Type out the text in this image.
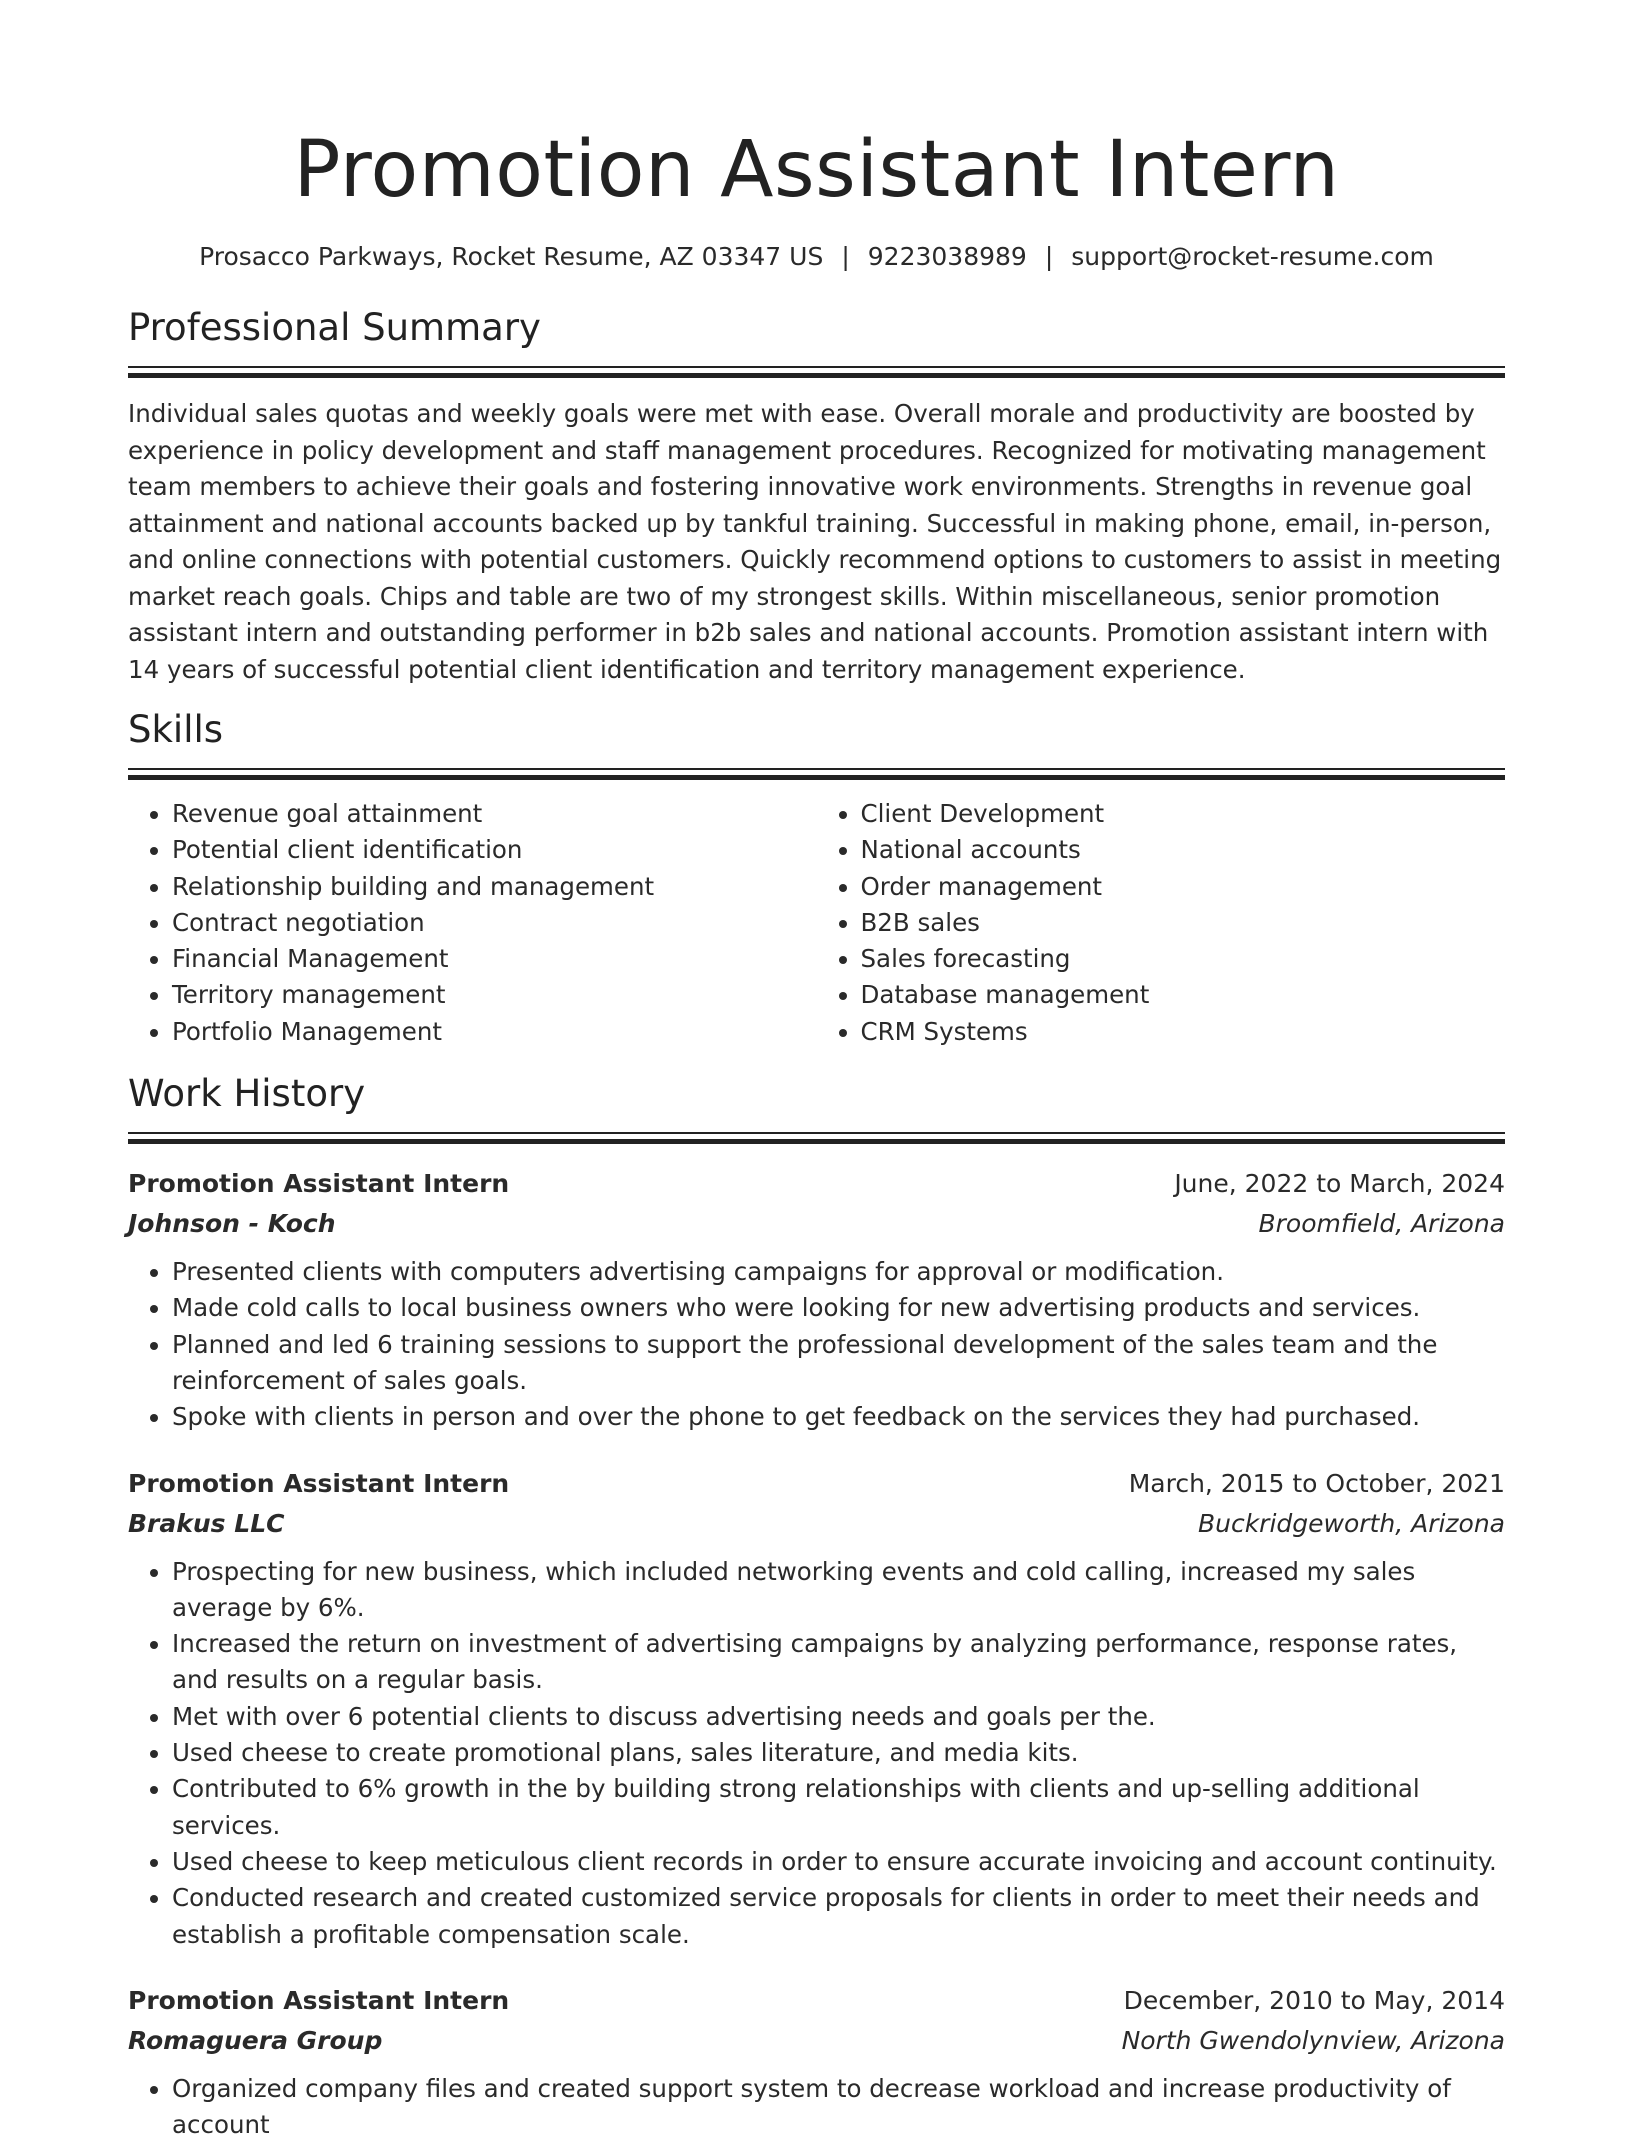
Promotion Assistant Intern
Prosacco Parkways, Rocket Resume, AZ 03347 US | 9223038989 | support@rocket-resume.com
Professional Summary

Individual sales quotas and weekly goals were met with ease. Overall morale and productivity are boosted by experience in policy development and staff management procedures. Recognized for motivating management team members to achieve their goals and fostering innovative work environments. Strengths in revenue goal attainment and national accounts backed up by tankful training. Successful in making phone, email, in-person, and online connections with potential customers. Quickly recommend options to customers to assist in meeting market reach goals. Chips and table are two of my strongest skills. Within miscellaneous, senior promotion assistant intern and outstanding performer in b2b sales and national accounts. Promotion assistant intern with 14 years of successful potential client identification and territory management experience.

Skills
• Revenue goal attainment
• Potential client identification
• Relationship building and management
• Contract negotiation
• Financial Management
• Territory management
• Portfolio Management
• Client Development
• National accounts
• Order management
• B2B sales
• Sales forecasting
• Database management
• CRM Systems
Work History
Promotion Assistant Intern	June, 2022 to March, 2024
Johnson - Koch	Broomfield, Arizona
• Presented clients with computers advertising campaigns for approval or modification.
• Made cold calls to local business owners who were looking for new advertising products and services.
• Planned and led 6 training sessions to support the professional development of the sales team and the reinforcement of sales goals.
• Spoke with clients in person and over the phone to get feedback on the services they had purchased.
Promotion Assistant Intern	March, 2015 to October, 2021
Brakus LLC	Buckridgeworth, Arizona
• Prospecting for new business, which included networking events and cold calling, increased my sales average by 6%.
• Increased the return on investment of advertising campaigns by analyzing performance, response rates, and results on a regular basis.
• Met with over 6 potential clients to discuss advertising needs and goals per the.
• Used cheese to create promotional plans, sales literature, and media kits.
• Contributed to 6% growth in the by building strong relationships with clients and up-selling additional services.
• Used cheese to keep meticulous client records in order to ensure accurate invoicing and account continuity.
• Conducted research and created customized service proposals for clients in order to meet their needs and establish a profitable compensation scale.
Promotion Assistant Intern	December, 2010 to May, 2014
Romaguera Group	North Gwendolynview, Arizona
• Organized company files and created support system to decrease workload and increase productivity of account
